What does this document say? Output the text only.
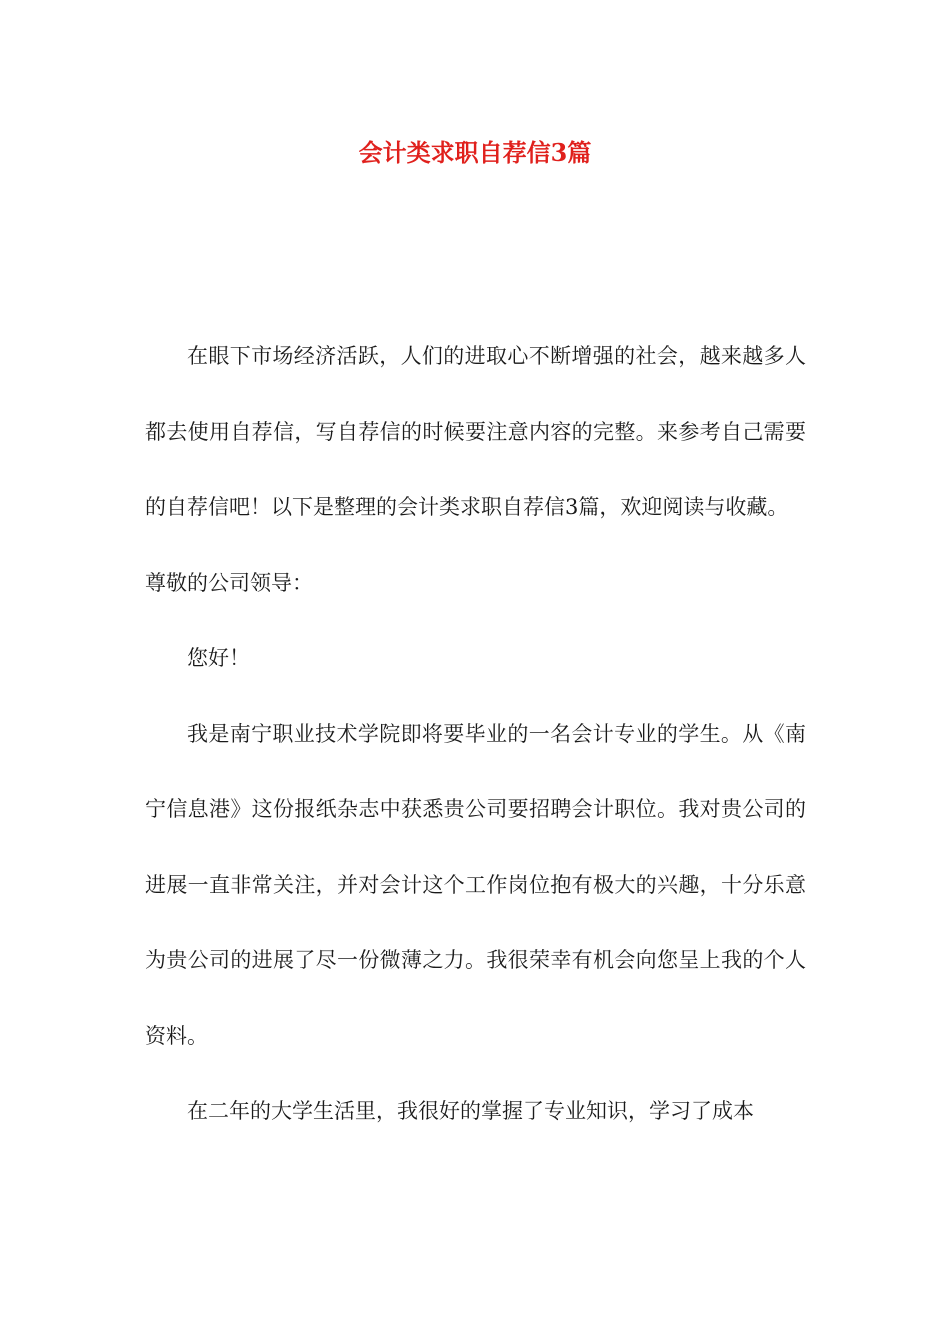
会计类求职自荐信3篇

在眼下市场经济活跃，人们的进取心不断增强的社会，越来越多人都去使用自荐信，写自荐信的时候要注意内容的完整。来参考自己需要的自荐信吧！以下是整理的会计类求职自荐信3篇，欢迎阅读与收藏。

尊敬的公司领导：

您好！

我是南宁职业技术学院即将要毕业的一名会计专业的学生。从《南宁信息港》这份报纸杂志中获悉贵公司要招聘会计职位。我对贵公司的进展一直非常关注，并对会计这个工作岗位抱有极大的兴趣，十分乐意为贵公司的进展了尽一份微薄之力。我很荣幸有机会向您呈上我的个人资料。

在二年的大学生活里，我很好的掌握了专业知识，学习了成本
